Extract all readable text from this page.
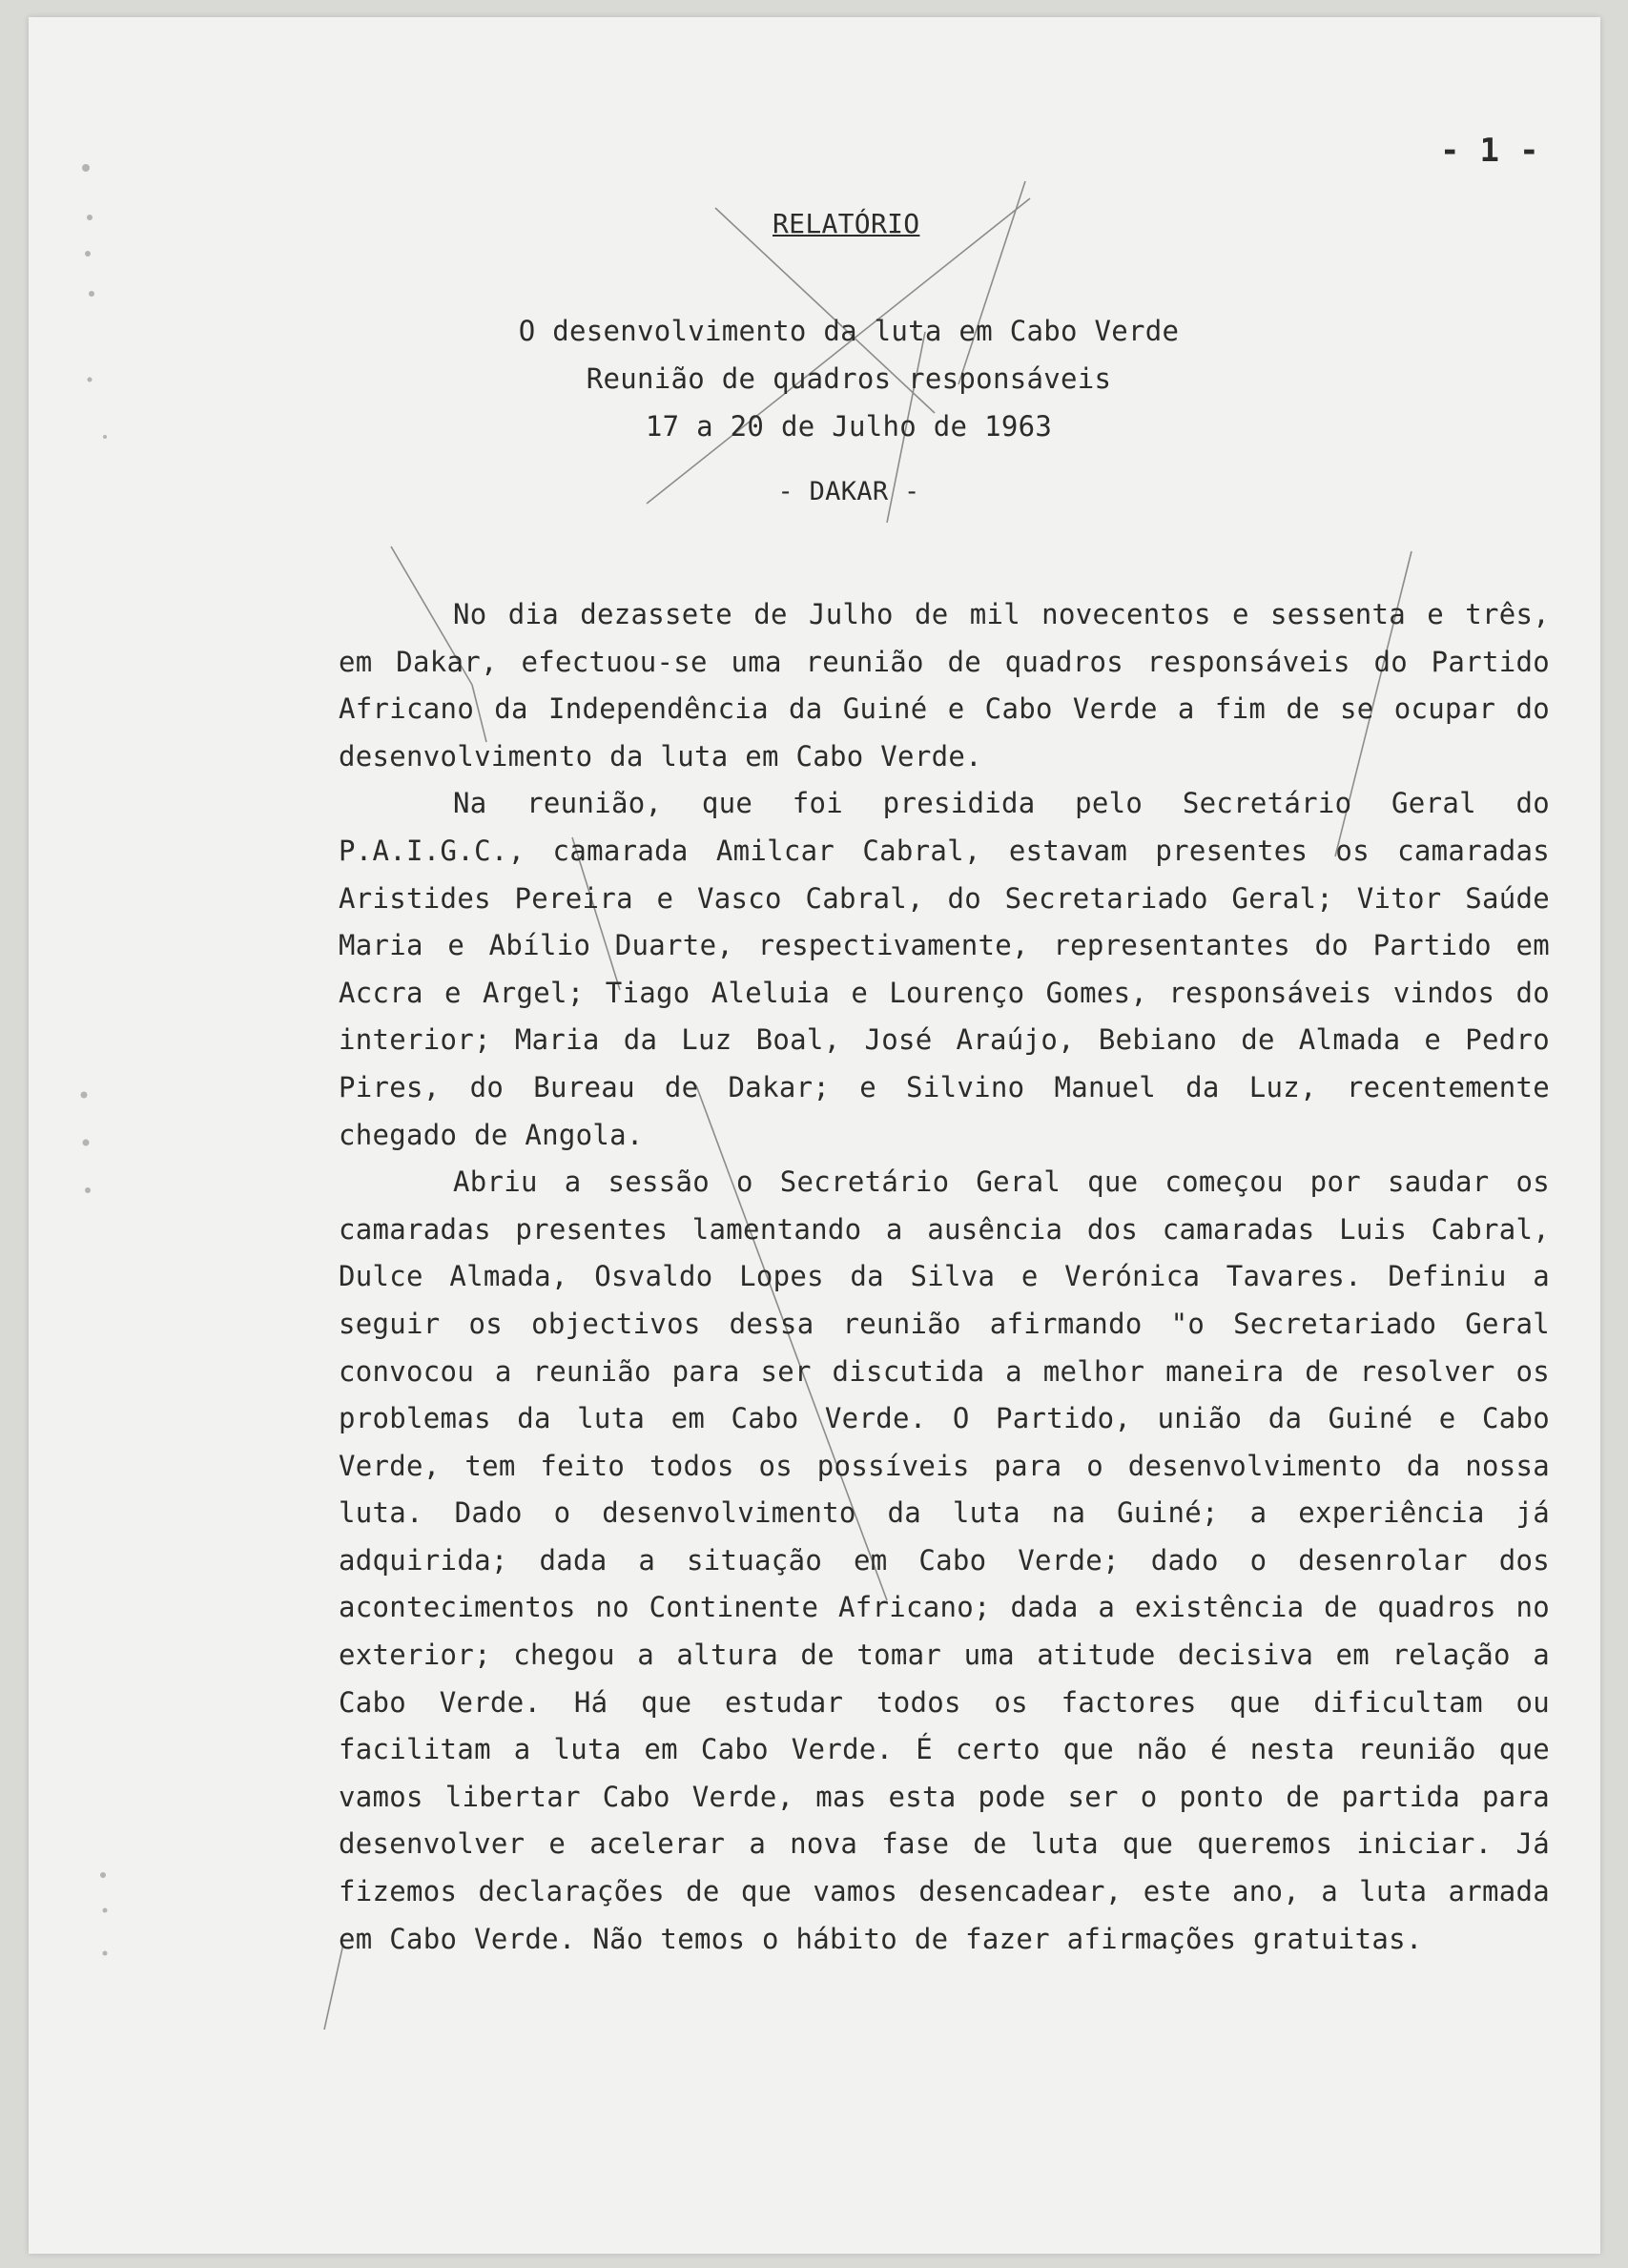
- 1 -
RELATÓRIO
O desenvolvimento da luta em Cabo Verde
Reunião de quadros responsáveis
17 a 20 de Julho de 1963
- DAKAR -

No dia dezassete de Julho de mil novecentos e sessenta e três, em Dakar, efectuou-se uma reunião de quadros responsáveis do Partido Africano da Independência da Guiné e Cabo Verde a fim de se ocupar do desenvolvimento da luta em Cabo Verde.

Na reunião, que foi presidida pelo Secretário Geral do P.A.I.G.C., camarada Amilcar Cabral, estavam presentes os camaradas Aristides Pereira e Vasco Cabral, do Secretariado Geral; Vitor Saúde Maria e Abílio Duarte, respectivamente, representantes do Partido em Accra e Argel; Tiago Aleluia e Lourenço Gomes, responsáveis vindos do interior; Maria da Luz Boal, José Araújo, Bebiano de Almada e Pedro Pires, do Bureau de Dakar; e Silvino Manuel da Luz, recentemente chegado de Angola.

Abriu a sessão o Secretário Geral que começou por saudar os camaradas presentes lamentando a ausência dos camaradas Luis Cabral, Dulce Almada, Osvaldo Lopes da Silva e Verónica Tavares. Definiu a seguir os objectivos dessa reunião afirmando "o Secretariado Geral convocou a reunião para ser discutida a melhor maneira de resolver os problemas da luta em Cabo Verde. O Partido, união da Guiné e Cabo Verde, tem feito todos os possíveis para o desenvolvimento da nossa luta. Dado o desenvolvimento da luta na Guiné; a experiência já adquirida; dada a situação em Cabo Verde; dado o desenrolar dos acontecimentos no Continente Africano; dada a existência de quadros no exterior; chegou a altura de tomar uma atitude decisiva em relação a Cabo Verde. Há que estudar todos os factores que dificultam ou facilitam a luta em Cabo Verde. É certo que não é nesta reunião que vamos libertar Cabo Verde, mas esta pode ser o ponto de partida para desenvolver e acelerar a nova fase de luta que queremos iniciar. Já fizemos declarações de que vamos desencadear, este ano, a luta armada em Cabo Verde. Não temos o hábito de fazer afirmações gratuitas.
